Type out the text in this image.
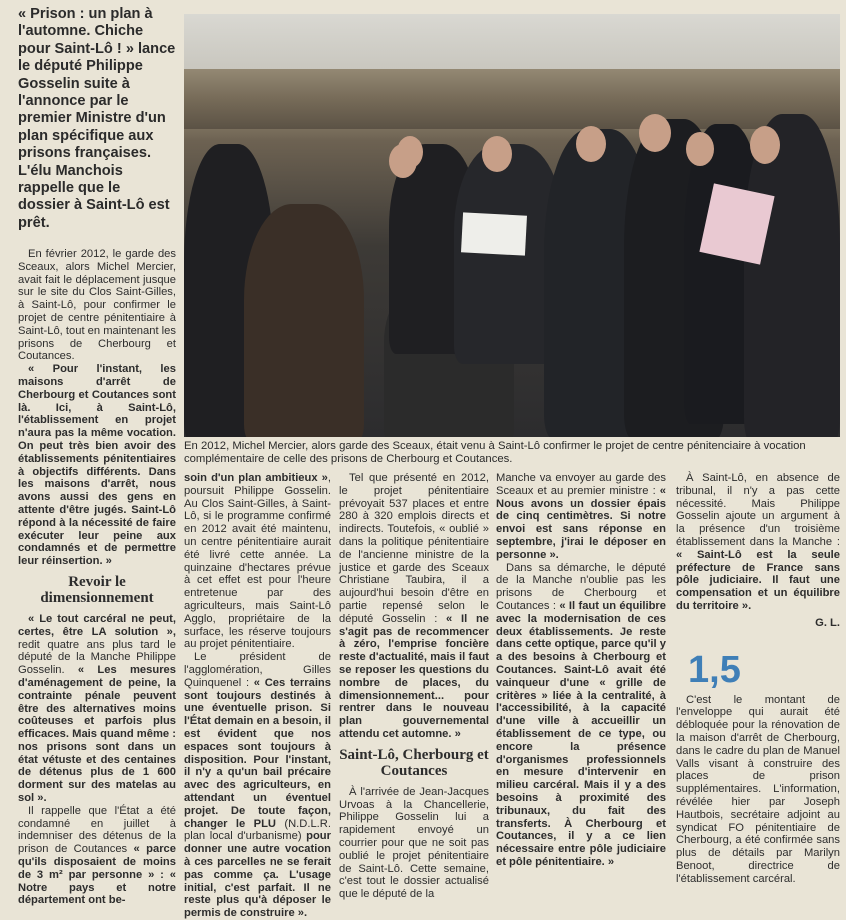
« Prison : un plan à l'automne. Chiche pour Saint-Lô ! » lance le député Philippe Gosselin suite à l'annonce par le premier Ministre d'un plan spécifique aux prisons françaises. L'élu Manchois rappelle que le dossier à Saint-Lô est prêt.
En 2012, Michel Mercier, alors garde des Sceaux, était venu à Saint-Lô confirmer le projet de centre pénitenciaire à vocation complémentaire de celle des prisons de Cherbourg et Coutances.

En février 2012, le garde des Sceaux, alors Michel Mercier, avait fait le déplacement jusque sur le site du Clos Saint-Gilles, à Saint-Lô, pour confirmer le projet de centre pénitentiaire à Saint-Lô, tout en maintenant les prisons de Cherbourg et Coutances.

« Pour l'instant, les maisons d'arrêt de Cherbourg et Coutances sont là. Ici, à Saint-Lô, l'établissement en projet n'aura pas la même vocation. On peut très bien avoir des établissements pénitentiaires à objectifs différents. Dans les maisons d'arrêt, nous avons aussi des gens en attente d'être jugés. Saint-Lô répond à la nécessité de faire exécuter leur peine aux condamnés et de permettre leur réinsertion. »

Revoir le dimensionnement

« Le tout carcéral ne peut, certes, être LA solution », redit quatre ans plus tard le député de la Manche Philippe Gosselin. « Les mesures d'aménagement de peine, la contrainte pénale peuvent être des alternatives moins coûteuses et parfois plus efficaces. Mais quand même : nos prisons sont dans un état vétuste et des centaines de détenus plus de 1 600 dorment sur des matelas au sol ».

Il rappelle que l'État a été condamné en juillet à indemniser des détenus de la prison de Coutances « parce qu'ils disposaient de moins de 3 m² par personne » : « Notre pays et notre département ont be-

soin d'un plan ambitieux », poursuit Philippe Gosselin. Au Clos Saint-Gilles, à Saint-Lô, si le programme confirmé en 2012 avait été maintenu, un centre pénitentiaire aurait été livré cette année. La quinzaine d'hectares prévue à cet effet est pour l'heure entretenue par des agriculteurs, mais Saint-Lô Agglo, propriétaire de la surface, les réserve toujours au projet pénitentiaire.

Le président de l'agglomération, Gilles Quinquenel : « Ces terrains sont toujours destinés à une éventuelle prison. Si l'État demain en a besoin, il est évident que nos espaces sont toujours à disposition. Pour l'instant, il n'y a qu'un bail précaire avec des agriculteurs, en attendant un éventuel projet. De toute façon, changer le PLU (N.D.L.R. plan local d'urbanisme) pour donner une autre vocation à ces parcelles ne se ferait pas comme ça. L'usage initial, c'est parfait. Il ne reste plus qu'à déposer le permis de construire ».

Tel que présenté en 2012, le projet pénitentiaire prévoyait 537 places et entre 280 à 320 emplois directs et indirects. Toutefois, « oublié » dans la politique pénitentiaire de l'ancienne ministre de la justice et garde des Sceaux Christiane Taubira, il a aujourd'hui besoin d'être en partie repensé selon le député Gosselin : « Il ne s'agit pas de recommencer à zéro, l'emprise foncière reste d'actualité, mais il faut se reposer les questions du nombre de places, du dimensionnement... pour rentrer dans le nouveau plan gouvernemental attendu cet automne. »

Saint-Lô, Cherbourg et Coutances

À l'arrivée de Jean-Jacques Urvoas à la Chancellerie, Philippe Gosselin lui a rapidement envoyé un courrier pour que ne soit pas oublié le projet pénitentiaire de Saint-Lô. Cette semaine, c'est tout le dossier actualisé que le député de la

Manche va envoyer au garde des Sceaux et au premier ministre : « Nous avons un dossier épais de cinq centimètres. Si notre envoi est sans réponse en septembre, j'irai le déposer en personne ».

Dans sa démarche, le député de la Manche n'oublie pas les prisons de Cherbourg et Coutances : « Il faut un équilibre avec la modernisation de ces deux établissements. Je reste dans cette optique, parce qu'il y a des besoins à Cherbourg et Coutances. Saint-Lô avait été vainqueur d'une « grille de critères » liée à la centralité, à l'accessibilité, à la capacité d'une ville à accueillir un établissement de ce type, ou encore la présence d'organismes professionnels en mesure d'intervenir en milieu carcéral. Mais il y a des besoins à proximité des tribunaux, du fait des transferts. À Cherbourg et Coutances, il y a ce lien nécessaire entre pôle judiciaire et pôle pénitentiaire. »

À Saint-Lô, en absence de tribunal, il n'y a pas cette nécessité. Mais Philippe Gosselin ajoute un argument à la présence d'un troisième établissement dans la Manche : « Saint-Lô est la seule préfecture de France sans pôle judiciaire. Il faut une compensation et un équilibre du territoire ».

G. L.
1,5

C'est le montant de l'enveloppe qui aurait été débloquée pour la rénovation de la maison d'arrêt de Cherbourg, dans le cadre du plan de Manuel Valls visant à construire des places de prison supplémentaires. L'information, révélée hier par Joseph Hautbois, secrétaire adjoint au syndicat FO pénitentiaire de Cherbourg, a été confirmée sans plus de détails par Marilyn Benoot, directrice de l'établissement carcéral.
